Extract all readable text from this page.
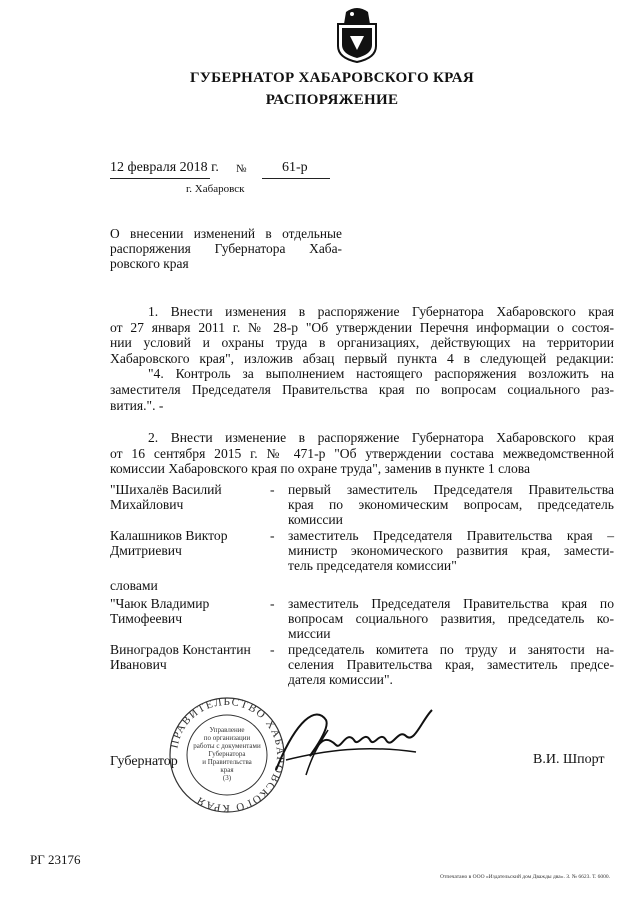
ГУБЕРНАТОР ХАБАРОВСКОГО КРАЯ
РАСПОРЯЖЕНИЕ
12 февраля 2018 г. №	61-р
г. Хабаровск
О внесении изменений в отдельные
распоряжения Губернатора Хаба-
ровского края
1. Внести изменения в распоряжение Губернатора Хабаровского края
от 27 января 2011 г. № 28-р "Об утверждении Перечня информации о состоя-
нии условий и охраны труда в организациях, действующих на территории
Хабаровского края", изложив абзац первый пункта 4 в следующей редакции:
"4. Контроль за выполнением настоящего распоряжения возложить на
заместителя Председателя Правительства края по вопросам социального раз-
вития.". -
2. Внести изменение в распоряжение Губернатора Хабаровского края
от 16 сентября 2015 г. № 471-р "Об утверждении состава межведомственной
комиссии Хабаровского края по охране труда", заменив в пункте 1 слова
"Шихалёв Василий
Михайлович
- первый заместитель Председателя Правительства
края по экономическим вопросам, председатель
комиссии
Калашников Виктор
Дмитриевич
- заместитель Председателя Правительства края –
министр экономического развития края, замести-
тель председателя комиссии"
словами
"Чаюк Владимир
Тимофеевич
- заместитель Председателя Правительства края по
вопросам социального развития, председатель ко-
миссии
Виноградов Константин
Иванович
- председатель комитета по труду и занятости на-
селения Правительства края, заместитель предсе-
дателя комиссии".
Губернатор
ПРАВИТЕЛЬСТВО ХАБАРОВСКОГО КРАЯ
Управление
по организации
работы с документами
Губернатора
и Правительства
края
(3)
В.И. Шпорт
РГ 23176
Отпечатано в ООО «Издательский дом Дважды два». З. № 6623. Т. 6000.
